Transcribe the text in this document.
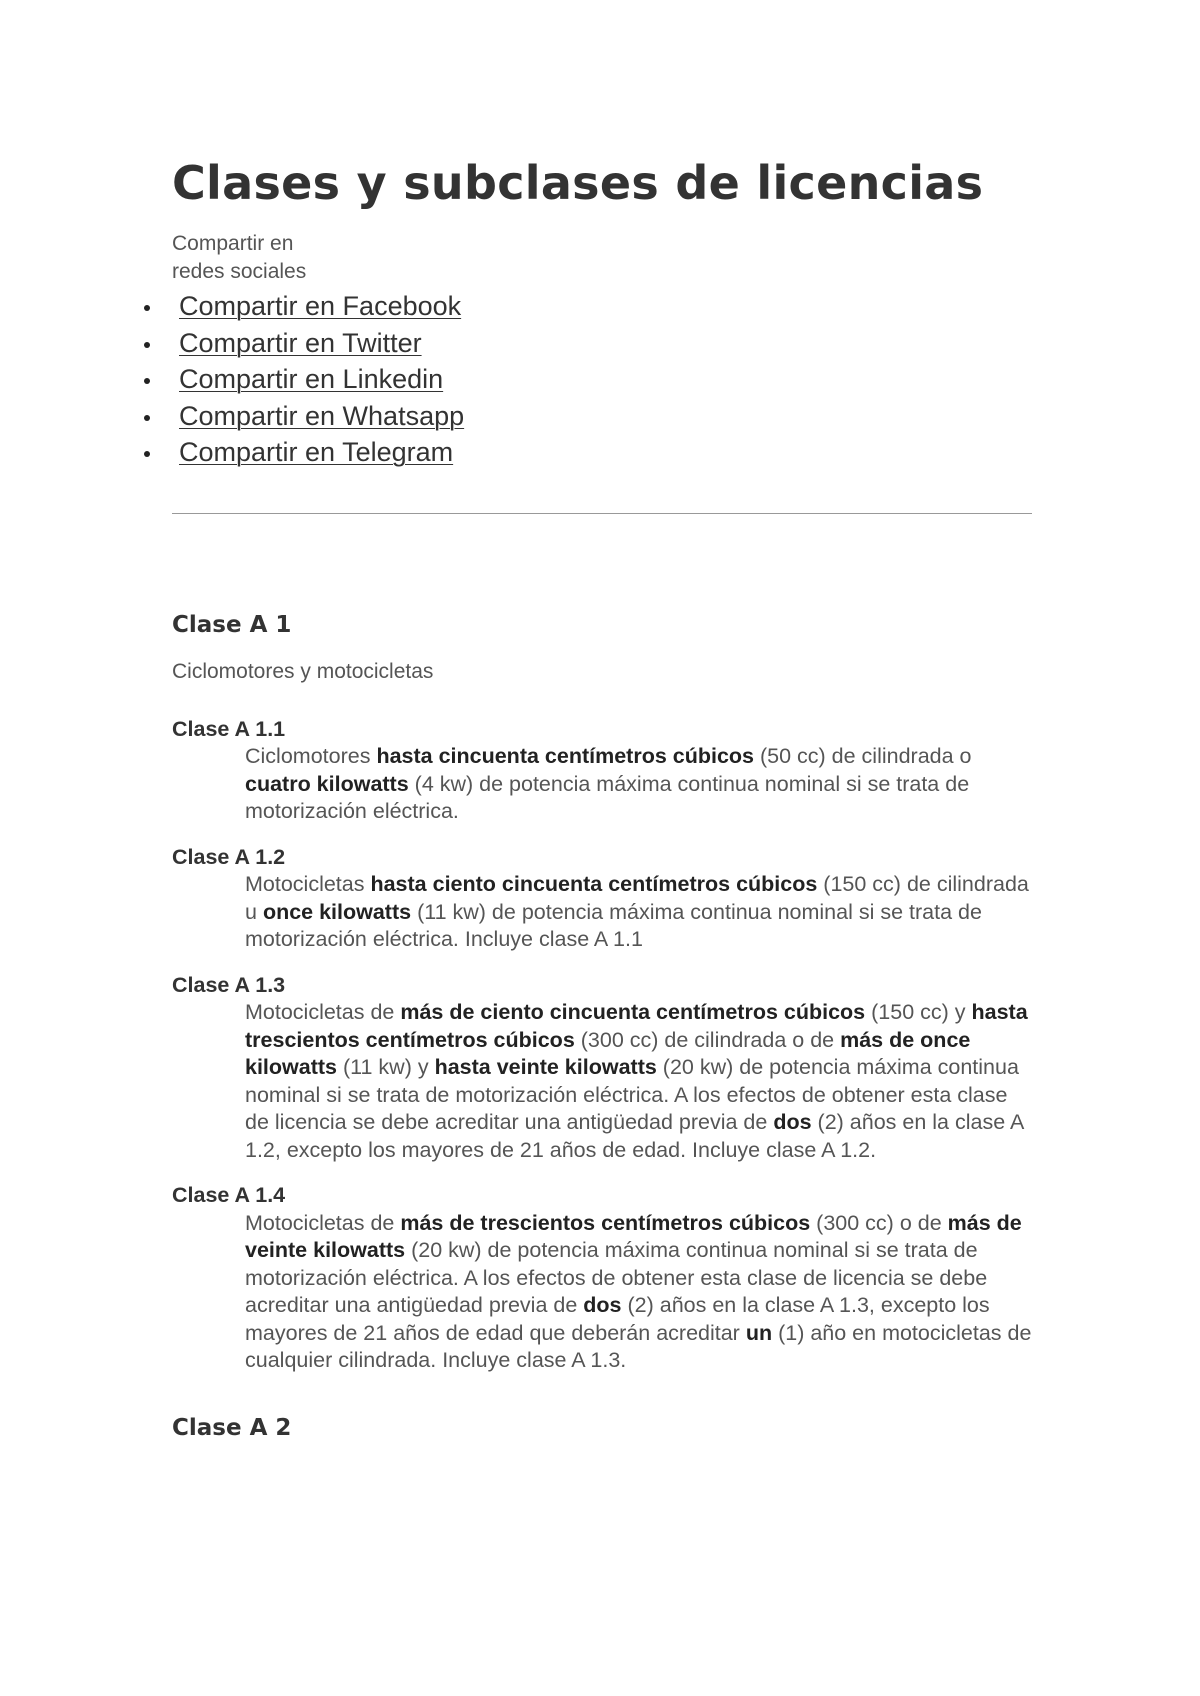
Clases y subclases de licencias
Compartir en
redes sociales
Compartir en Facebook
Compartir en Twitter
Compartir en Linkedin
Compartir en Whatsapp
Compartir en Telegram
Clase A 1

Ciclomotores y motocicletas

Clase A 1.1

Ciclomotores hasta cincuenta centímetros cúbicos (50 cc) de cilindrada o cuatro kilowatts (4 kw) de potencia máxima continua nominal si se trata de motorización eléctrica.

Clase A 1.2

Motocicletas hasta ciento cincuenta centímetros cúbicos (150 cc) de cilindrada u once kilowatts (11 kw) de potencia máxima continua nominal si se trata de motorización eléctrica. Incluye clase A 1.1

Clase A 1.3

Motocicletas de más de ciento cincuenta centímetros cúbicos (150 cc) y hasta trescientos centímetros cúbicos (300 cc) de cilindrada o de más de once kilowatts (11 kw) y hasta veinte kilowatts (20 kw) de potencia máxima continua nominal si se trata de motorización eléctrica. A los efectos de obtener esta clase de licencia se debe acreditar una antigüedad previa de dos (2) años en la clase A 1.2, excepto los mayores de 21 años de edad. Incluye clase A 1.2.

Clase A 1.4

Motocicletas de más de trescientos centímetros cúbicos (300 cc) o de más de veinte kilowatts (20 kw) de potencia máxima continua nominal si se trata de motorización eléctrica. A los efectos de obtener esta clase de licencia se debe acreditar una antigüedad previa de dos (2) años en la clase A 1.3, excepto los mayores de 21 años de edad que deberán acreditar un (1) año en motocicletas de cualquier cilindrada. Incluye clase A 1.3.

Clase A 2
